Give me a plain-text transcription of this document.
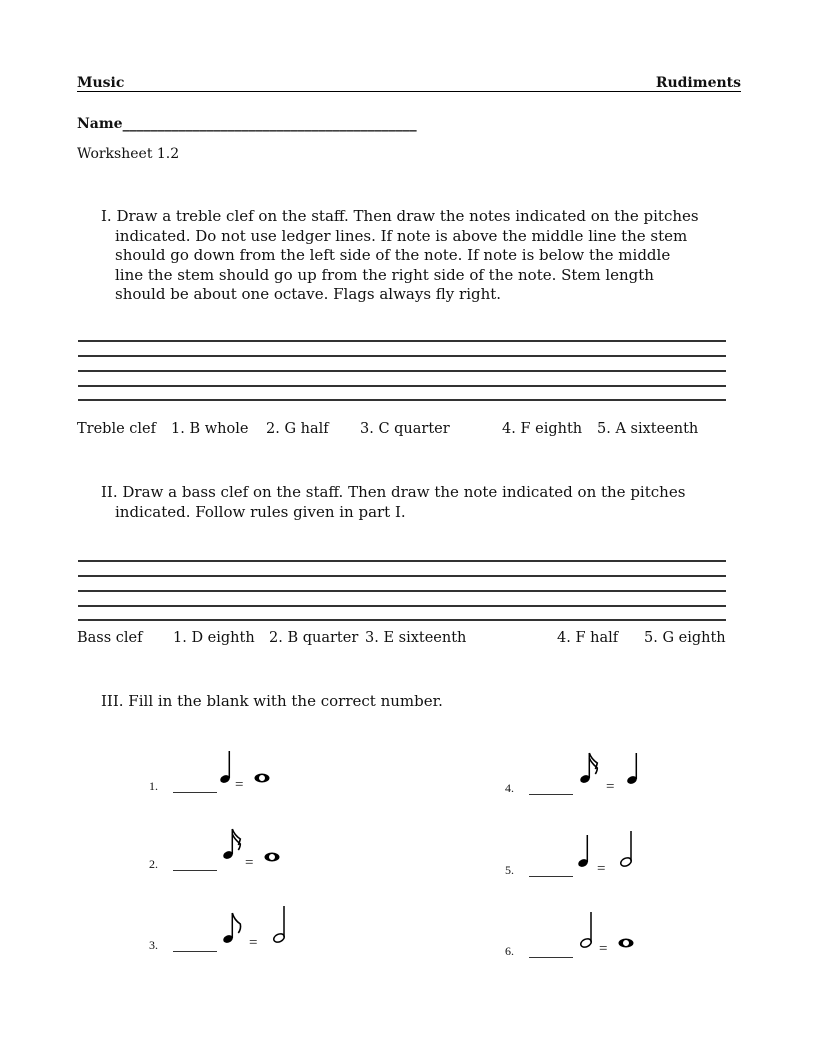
Music	Rudiments
Name__________________________________________
Worksheet 1.2
I. Draw a treble clef on the staff. Then draw the notes indicated on the pitches
indicated. Do not use ledger lines. If note is above the middle line the stem
should go down from the left side of the note. If note is below the middle
line the stem should go up from the right side of the note. Stem length
should be about one octave. Flags always fly right.
Treble clef 1. B whole 2. G half 3. C quarter	4. F eighth 5. A sixteenth
II. Draw a bass clef on the staff. Then draw the note indicated on the pitches
indicated. Follow rules given in part I.
Bass clef 1. D eighth 2. B quarter 3. E sixteenth	4. F half 5. G eighth
III. Fill in the blank with the correct number.
1.	=
2.	=
3.	=
4.	=
5.	=
6.	=
